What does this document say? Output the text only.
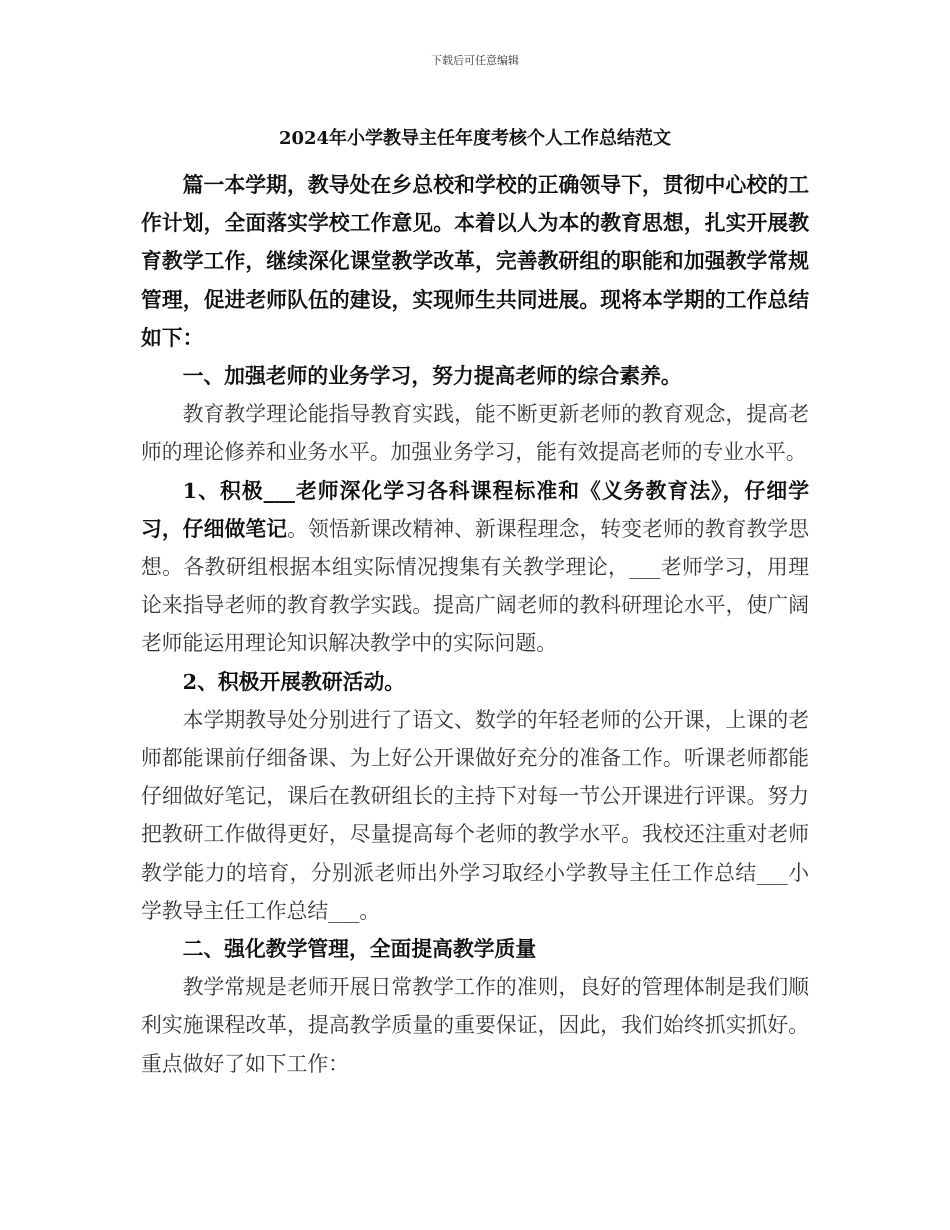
下载后可任意编辑
2024年小学教导主任年度考核个人工作总结范文

篇一本学期，教导处在乡总校和学校的正确领导下，贯彻中心校的工作计划，全面落实学校工作意见。本着以人为本的教育思想，扎实开展教育教学工作，继续深化课堂教学改革，完善教研组的职能和加强教学常规管理，促进老师队伍的建设，实现师生共同进展。现将本学期的工作总结如下：

一、加强老师的业务学习，努力提高老师的综合素养。

教育教学理论能指导教育实践，能不断更新老师的教育观念，提高老师的理论修养和业务水平。加强业务学习，能有效提高老师的专业水平。

1、积极___老师深化学习各科课程标准和《义务教育法》，仔细学习，仔细做笔记。领悟新课改精神、新课程理念，转变老师的教育教学思想。各教研组根据本组实际情况搜集有关教学理论，___老师学习，用理论来指导老师的教育教学实践。提高广阔老师的教科研理论水平，使广阔老师能运用理论知识解决教学中的实际问题。

2、积极开展教研活动。

本学期教导处分别进行了语文、数学的年轻老师的公开课，上课的老师都能课前仔细备课、为上好公开课做好充分的准备工作。听课老师都能仔细做好笔记，课后在教研组长的主持下对每一节公开课进行评课。努力把教研工作做得更好，尽量提高每个老师的教学水平。我校还注重对老师教学能力的培育，分别派老师出外学习取经小学教导主任工作总结___小学教导主任工作总结___。

二、强化教学管理，全面提高教学质量

教学常规是老师开展日常教学工作的准则，良好的管理体制是我们顺利实施课程改革，提高教学质量的重要保证，因此，我们始终抓实抓好。重点做好了如下工作：
